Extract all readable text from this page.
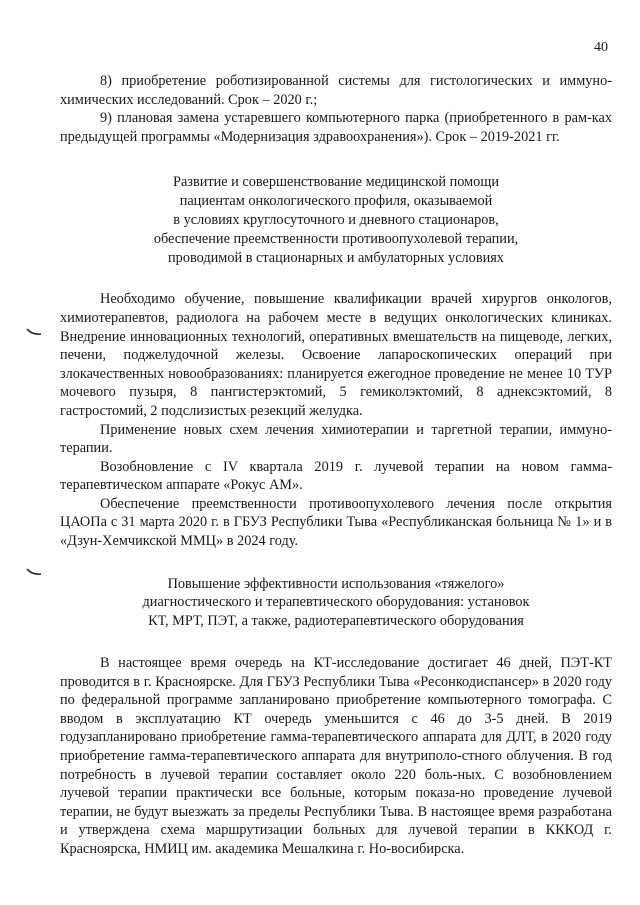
40

8) приобретение роботизированной системы для гистологических и иммуно-химических исследований. Срок – 2020 г.;

9) плановая замена устаревшего компьютерного парка (приобретенного в рам-ках предыдущей программы «Модернизация здравоохранения»). Срок – 2019-2021 гг.

Развитие и совершенствование медицинской помощи
пациентам онкологического профиля, оказываемой
в условиях круглосуточного и дневного стационаров,
обеспечение преемственности противоопухолевой терапии,
проводимой в стационарных и амбулаторных условиях

Необходимо обучение, повышение квалификации врачей хирургов онкологов, химиотерапевтов, радиолога на рабочем месте в ведущих онкологических клиниках. Внедрение инновационных технологий, оперативных вмешательств на пищеводе, легких, печени, поджелудочной железы. Освоение лапароскопических операций при злокачественных новообразованиях: планируется ежегодное проведение не менее 10 ТУР мочевого пузыря, 8 пангистерэктомий, 5 гемиколэктомий, 8 аднексэктомий, 8 гастростомий, 2 подслизистых резекций желудка.

Применение новых схем лечения химиотерапии и таргетной терапии, иммуно-терапии.

Возобновление с IV квартала 2019 г. лучевой терапии на новом гамма-терапевтическом аппарате «Рокус АМ».

Обеспечение преемственности противоопухолевого лечения после открытия ЦАОПа с 31 марта 2020 г. в ГБУЗ Республики Тыва «Республиканская больница № 1» и в «Дзун-Хемчикской ММЦ» в 2024 году.

Повышение эффективности использования «тяжелого»
диагностического и терапевтического оборудования: установок
КТ, МРТ, ПЭТ, а также, радиотерапевтического оборудования

В настоящее время очередь на КТ-исследование достигает 46 дней, ПЭТ-КТ проводится в г. Красноярске. Для ГБУЗ Республики Тыва «Ресонкодиспансер» в 2020 году по федеральной программе запланировано приобретение компьютерного томографа. С вводом в эксплуатацию КТ очередь уменьшится с 46 до 3-5 дней. В 2019 годузапланировано приобретение гамма-терапевтического аппарата для ДЛТ, в 2020 году приобретение гамма-терапевтического аппарата для внутриполо-стного облучения. В год потребность в лучевой терапии составляет около 220 боль-ных. С возобновлением лучевой терапии практически все больные, которым показа-но проведение лучевой терапии, не будут выезжать за пределы Республики Тыва. В настоящее время разработана и утверждена схема маршрутизации больных для лучевой терапии в КККОД г. Красноярска, НМИЦ им. академика Мешалкина г. Но-восибирска.
